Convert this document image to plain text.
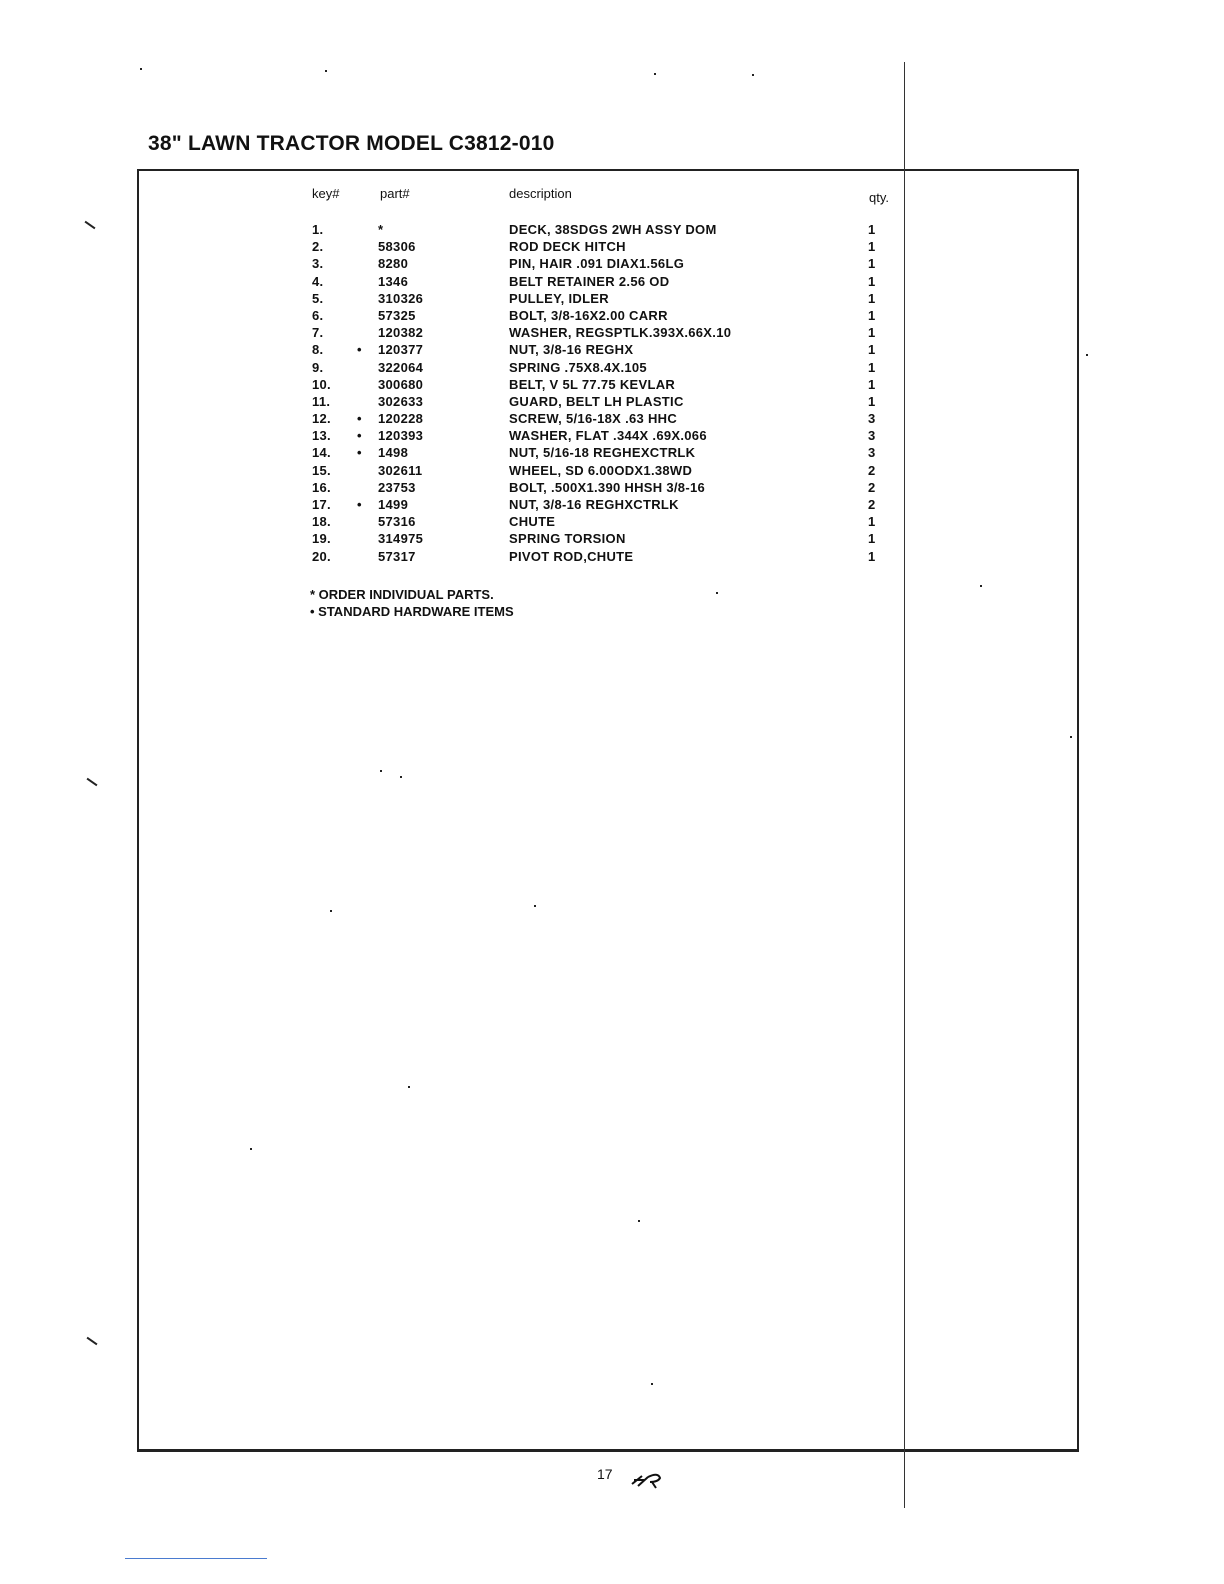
38" LAWN TRACTOR MODEL C3812-010
key#	part#	description	qty.
1.	*	DECK, 38SDGS 2WH ASSY DOM	1
2.	58306	ROD DECK HITCH	1
3.	8280	PIN, HAIR .091 DIAX1.56LG	1
4.	1346	BELT RETAINER 2.56 OD	1
5.	310326	PULLEY, IDLER	1
6.	57325	BOLT, 3/8-16X2.00 CARR	1
7.	120382	WASHER, REGSPTLK.393X.66X.10	1
8.	• 120377	NUT, 3/8-16 REGHX	1
9.	322064	SPRING .75X8.4X.105	1
10.	300680	BELT, V 5L 77.75 KEVLAR	1
11.	302633	GUARD, BELT LH PLASTIC	1
12. • 120228	SCREW, 5/16-18X .63 HHC	3
13. • 120393	WASHER, FLAT .344X .69X.066	3
14. • 1498	NUT, 5/16-18 REGHEXCTRLK	3
15.	302611	WHEEL, SD 6.00ODX1.38WD	2
16.	23753	BOLT, .500X1.390 HHSH 3/8-16	2
17. • 1499	NUT, 3/8-16 REGHXCTRLK	2
18.	57316	CHUTE	1
19.	314975	SPRING TORSION	1
20.	57317	PIVOT ROD,CHUTE	1
* ORDER INDIVIDUAL PARTS.
• STANDARD HARDWARE ITEMS
17
